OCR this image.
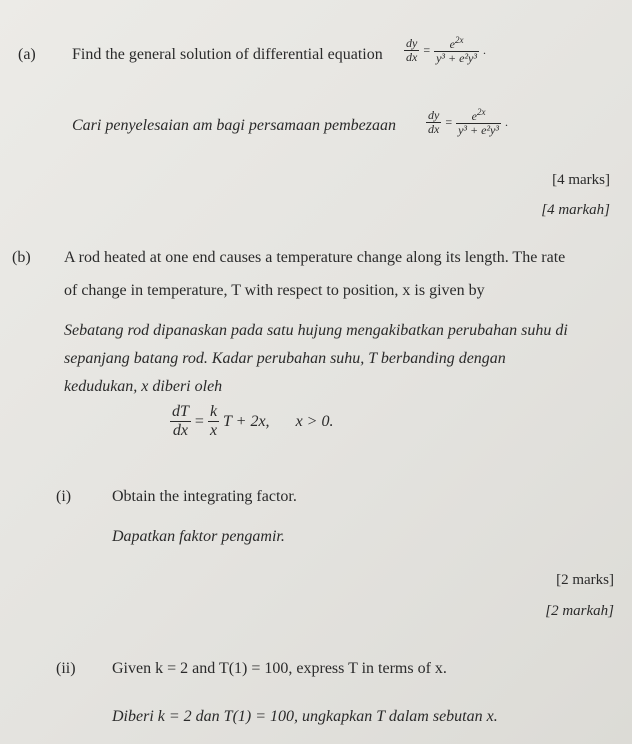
(a) Find the general solution of differential equation $\frac{dy}{dx} = \frac{e^{2x}}{\text{y³ + e²y³}}$ .
Cari penyelesaian am bagi persamaan pembezaan	$\frac{dy}{dx} = \frac{e^{2x}}{\text{y³ + e²y³}}$ .
[4 marks]
[4 markah]
(b) A rod heated at one end causes a temperature change along its length. The rate
of change in temperature, T with respect to position, x is given by
Sebatang rod dipanaskan pada satu hujung mengakibatkan perubahan suhu di
sepanjang batang rod. Kadar perubahan suhu, T berbanding dengan
kedudukan, x diberi oleh
$\frac{dT}{dx} = \frac{k}{x}$ T + 2x, x > 0.
(i)	Obtain the integrating factor.
Dapatkan faktor pengamir.
[2 marks]
[2 markah]
(ii) Given k = 2 and T(1) = 100, express T in terms of x.
Diberi k = 2 dan T(1) = 100, ungkapkan T dalam sebutan x.
